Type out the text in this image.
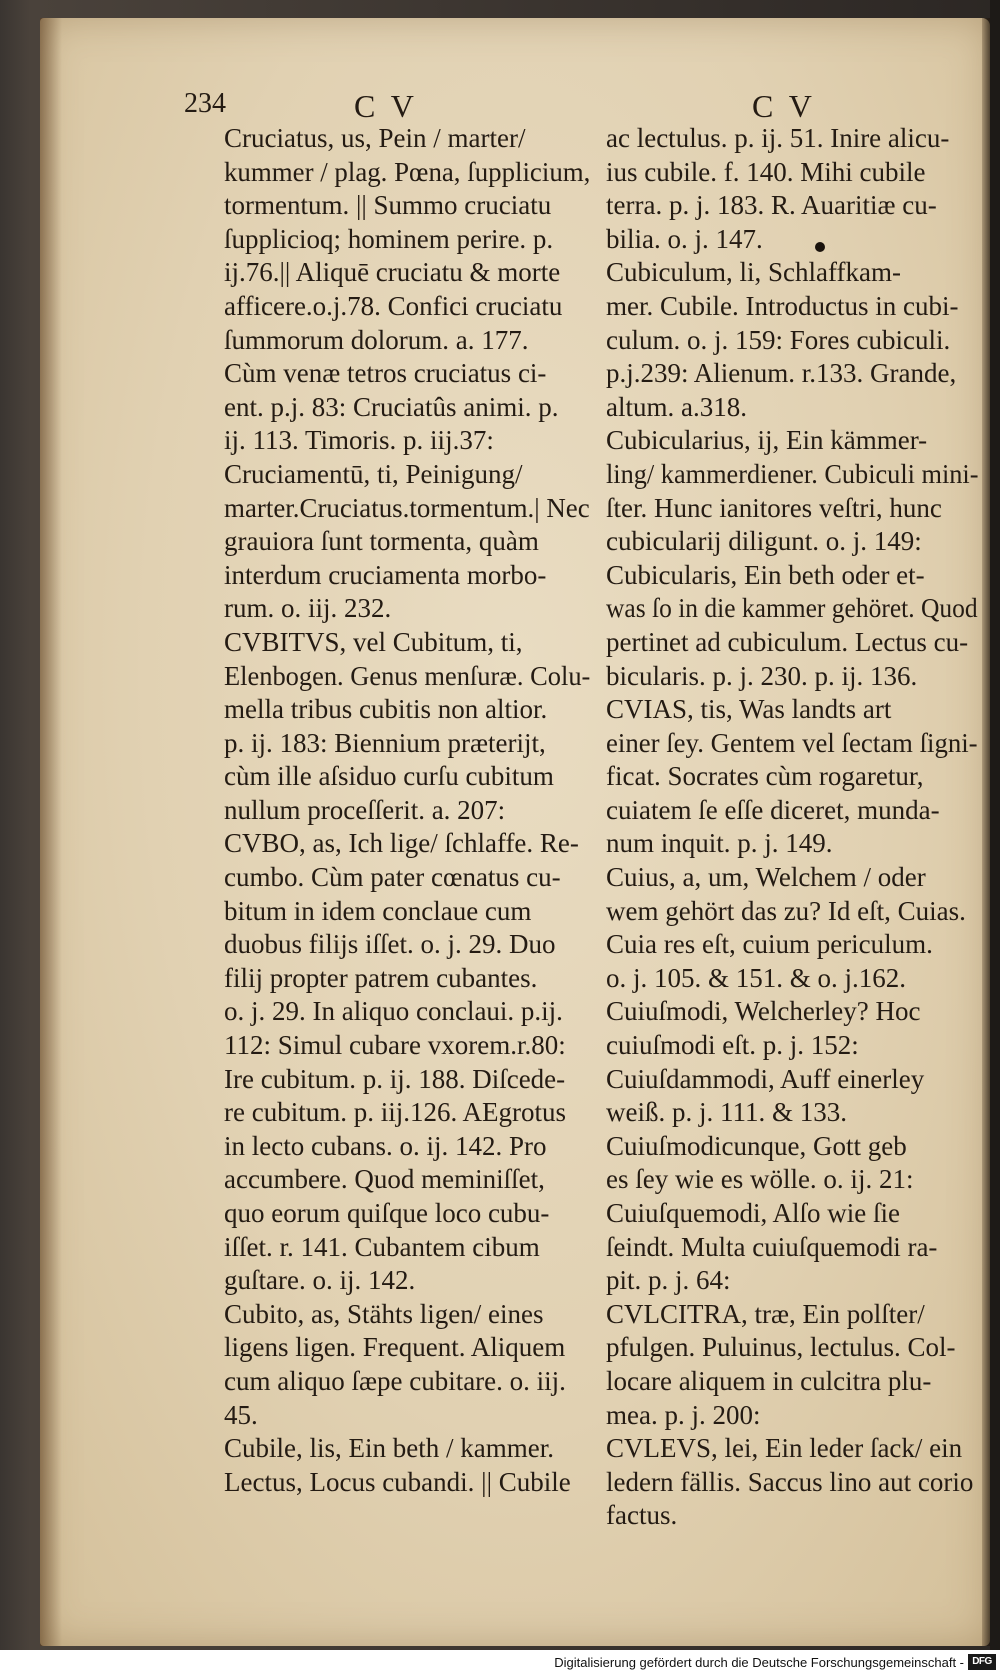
234	C V	C V
Cruciatus, us, Pein / marter/
kummer / plag. Pœna, ſupplicium,
tormentum. || Summo cruciatu
ſupplicioq; hominem perire. p.
ij.76.|| Aliquē cruciatu & morte
afficere.o.j.78. Confici cruciatu
ſummorum dolorum. a. 177.
Cùm venæ tetros cruciatus ci-
ent. p.j. 83: Cruciatûs animi. p.
ij. 113. Timoris. p. iij.37:
Cruciamentū, ti, Peinigung/
marter.Cruciatus.tormentum.| Nec
grauiora ſunt tormenta, quàm
interdum cruciamenta morbo-
rum. o. iij. 232.
CVBITVS, vel Cubitum, ti,
Elenbogen. Genus menſuræ. Colu-
mella tribus cubitis non altior.
p. ij. 183: Biennium præterijt,
cùm ille aſsiduo curſu cubitum
nullum proceſſerit. a. 207:
CVBO, as, Ich lige/ ſchlaffe. Re-
cumbo. Cùm pater cœnatus cu-
bitum in idem conclaue cum
duobus filijs iſſet. o. j. 29. Duo
filij propter patrem cubantes.
o. j. 29. In aliquo conclaui. p.ij.
112: Simul cubare vxorem.r.80:
Ire cubitum. p. ij. 188. Diſcede-
re cubitum. p. iij.126. AEgrotus
in lecto cubans. o. ij. 142. Pro
accumbere. Quod meminiſſet,
quo eorum quiſque loco cubu-
iſſet. r. 141. Cubantem cibum
guſtare. o. ij. 142.
Cubito, as, Stähts ligen/ eines
ligens ligen. Frequent. Aliquem
cum aliquo ſæpe cubitare. o. iij.
45.
Cubile, lis, Ein beth / kammer.
Lectus, Locus cubandi. || Cubile
ac lectulus. p. ij. 51. Inire alicu-
ius cubile. f. 140. Mihi cubile
terra. p. j. 183. R. Auaritiæ cu-
bilia. o. j. 147.
Cubiculum, li, Schlaffkam-
mer. Cubile. Introductus in cubi-
culum. o. j. 159: Fores cubiculi.
p.j.239: Alienum. r.133. Grande,
altum. a.318.
Cubicularius, ij, Ein kämmer-
ling/ kammerdiener. Cubiculi mini-
ſter. Hunc ianitores veſtri, hunc
cubicularij diligunt. o. j. 149:
Cubicularis, Ein beth oder et-
was ſo in die kammer gehöret. Quod
pertinet ad cubiculum. Lectus cu-
bicularis. p. j. 230. p. ij. 136.
CVIAS, tis, Was landts art
einer ſey. Gentem vel ſectam ſigni-
ficat. Socrates cùm rogaretur,
cuiatem ſe eſſe diceret, munda-
num inquit. p. j. 149.
Cuius, a, um, Welchem / oder
wem gehört das zu? Id eſt, Cuias.
Cuia res eſt, cuium periculum.
o. j. 105. & 151. & o. j.162.
Cuiuſmodi, Welcherley? Hoc
cuiuſmodi eſt. p. j. 152:
Cuiuſdammodi, Auff einerley
weiß. p. j. 111. & 133.
Cuiuſmodicunque, Gott geb
es ſey wie es wölle. o. ij. 21:
Cuiuſquemodi, Alſo wie ſie
ſeindt. Multa cuiuſquemodi ra-
pit. p. j. 64:
CVLCITRA, træ, Ein polſter/
pfulgen. Puluinus, lectulus. Col-
locare aliquem in culcitra plu-
mea. p. j. 200:
CVLEVS, lei, Ein leder ſack/ ein
ledern fällis. Saccus lino aut corio
factus.
Digitalisierung gefördert durch die Deutsche Forschungsgemeinschaft - DFG
